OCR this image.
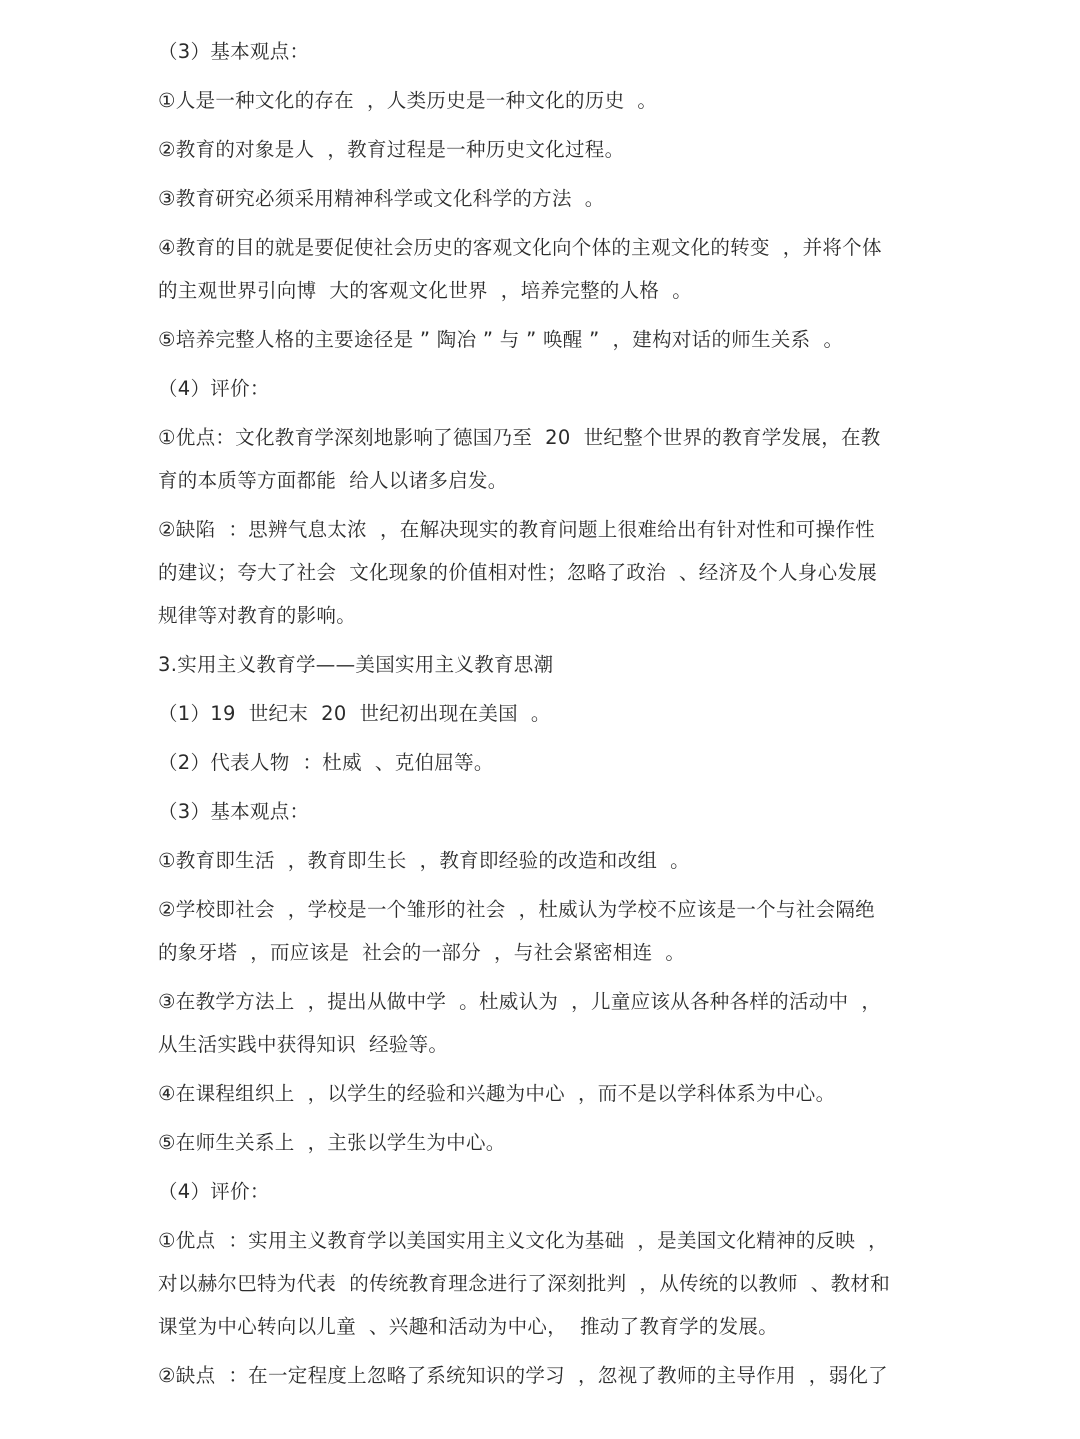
（3）基本观点：
①人是一种文化的存在  ，人类历史是一种文化的历史  。
②教育的对象是人  ，教育过程是一种历史文化过程。
③教育研究必须采用精神科学或文化科学的方法  。
④教育的目的就是要促使社会历史的客观文化向个体的主观文化的转变  ，并将个体
的主观世界引向博  大的客观文化世界  ，培养完整的人格  。
⑤培养完整人格的主要途径是 ” 陶冶 ” 与 ” 唤醒 ”  ，建构对话的师生关系  。
（4）评价：
①优点：文化教育学深刻地影响了德国乃至  20  世纪整个世界的教育学发展，在教
育的本质等方面都能  给人以诸多启发。
②缺陷  ：思辨气息太浓  ，在解决现实的教育问题上很难给出有针对性和可操作性
的建议；夸大了社会  文化现象的价值相对性；忽略了政治  、经济及个人身心发展
规律等对教育的影响。
3.实用主义教育学——美国实用主义教育思潮
（1）19  世纪末  20  世纪初出现在美国  。
（2）代表人物  ：杜威  、克伯屈等。
（3）基本观点：
①教育即生活  ，教育即生长  ，教育即经验的改造和改组  。
②学校即社会  ，学校是一个雏形的社会  ，杜威认为学校不应该是一个与社会隔绝
的象牙塔  ，而应该是  社会的一部分  ，与社会紧密相连  。
③在教学方法上  ，提出从做中学  。杜威认为  ，儿童应该从各种各样的活动中  ，
从生活实践中获得知识  经验等。
④在课程组织上  ，以学生的经验和兴趣为中心  ，而不是以学科体系为中心。
⑤在师生关系上  ，主张以学生为中心。
（4）评价：
①优点  ：实用主义教育学以美国实用主义文化为基础  ，是美国文化精神的反映  ，
对以赫尔巴特为代表  的传统教育理念进行了深刻批判  ，从传统的以教师  、教材和
课堂为中心转向以儿童  、兴趣和活动为中心，  推动了教育学的发展。
②缺点  ：在一定程度上忽略了系统知识的学习  ，忽视了教师的主导作用  ，弱化了
